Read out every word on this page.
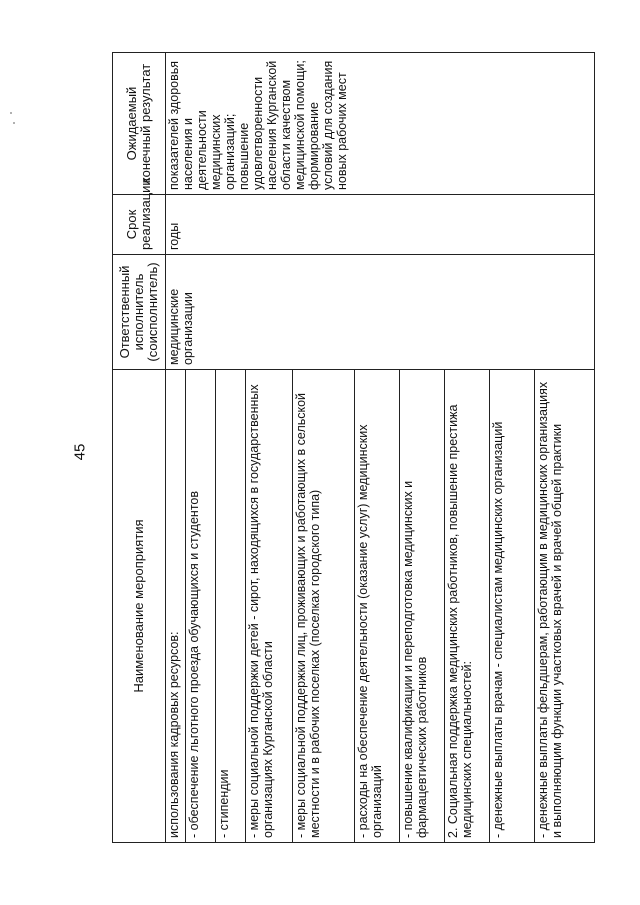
45
Наименование мероприятия	Ответственный исполнитель (соисполнитель)	Срок реализации	Ожидаемый конечный результат
использования кадровых ресурсов:	медицинские организации	годы	показателей здоровья населения и деятельности медицинских организаций; повышение удовлетворенности населения Курганской области качеством медицинской помощи; формирование условий для создания новых рабочих мест
- обеспечение льготного проезда обучающихся и студентов			
- стипендии			
- меры социальной поддержки детей - сирот, находящихся в государственных организациях Курганской области			
- меры социальной поддержки лиц, проживающих и работающих в сельской местности и в рабочих поселках (поселках городского типа)			
- расходы на обеспечение деятельности (оказание услуг) медицинских организаций			
- повышение квалификации и переподготовка медицинских и фармацевтических работников			
2. Социальная поддержка медицинских работников, повышение престижа медицинских специальностей:			
- денежные выплаты врачам - специалистам медицинских организаций			
- денежные выплаты фельдшерам, работающим в медицинских организациях и выполняющим функции участковых врачей и врачей общей практики			
